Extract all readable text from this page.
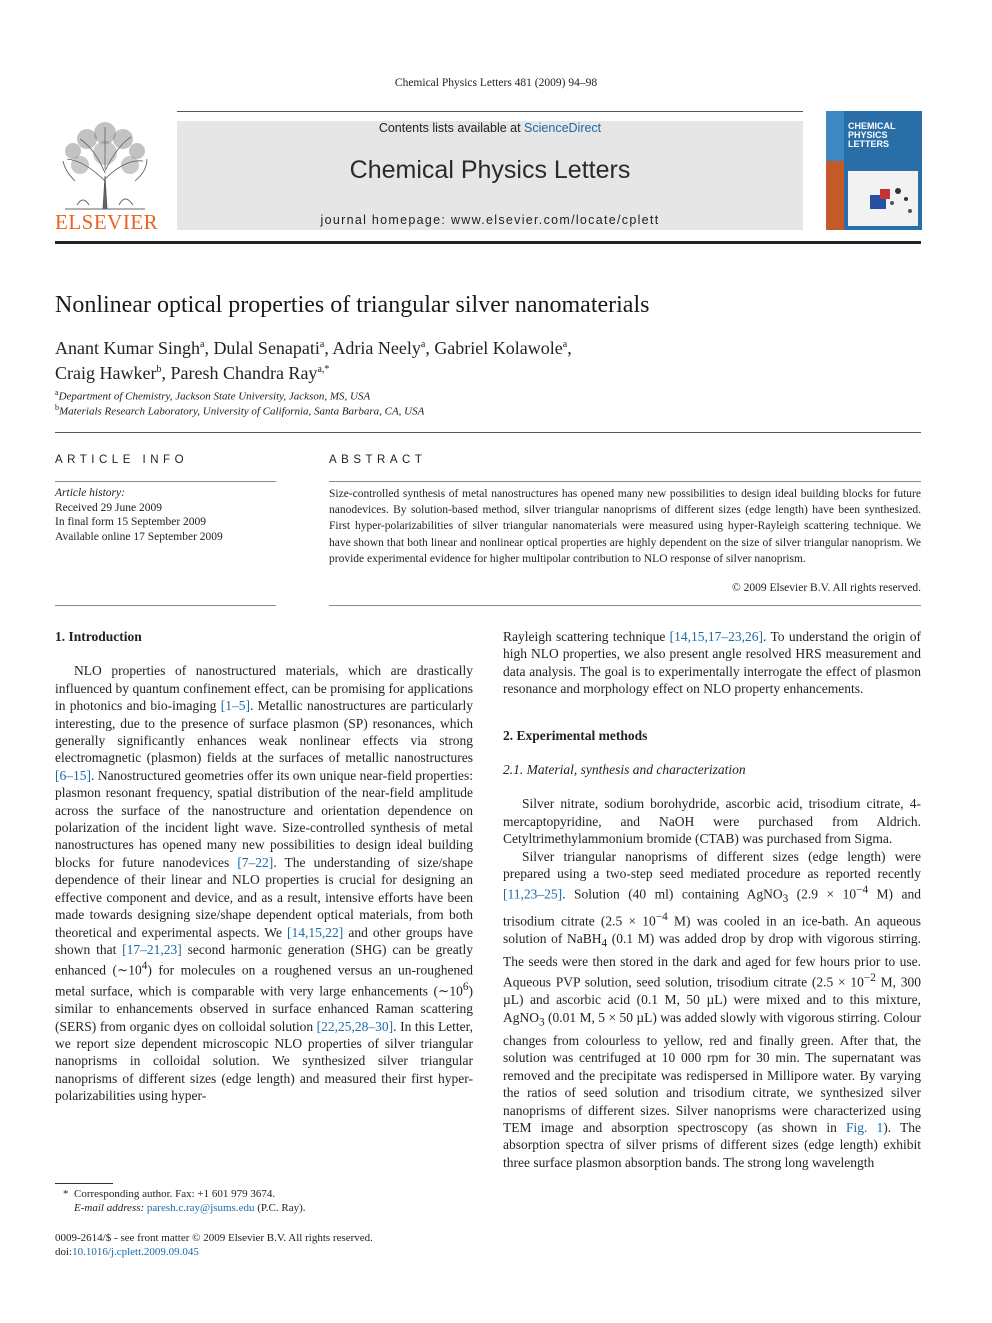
Chemical Physics Letters 481 (2009) 94–98
ELSEVIER
Contents lists available at ScienceDirect
Chemical Physics Letters
journal homepage: www.elsevier.com/locate/cplett
CHEMICAL PHYSICS LETTERS
Nonlinear optical properties of triangular silver nanomaterials
Anant Kumar Singh$^a$, Dulal Senapati$^a$, Adria Neely$^a$, Gabriel Kolawole$^a$,
Craig Hawker$^b$, Paresh Chandra Ray$^{a,*}$
$^a$Department of Chemistry, Jackson State University, Jackson, MS, USA
$^b$Materials Research Laboratory, University of California, Santa Barbara, CA, USA
ARTICLE INFO
Article history:
Received 29 June 2009
In final form 15 September 2009
Available online 17 September 2009
ABSTRACT
Size-controlled synthesis of metal nanostructures has opened many new possibilities to design ideal building blocks for future nanodevices. By solution-based method, silver triangular nanoprisms of different sizes (edge length) have been synthesized. First hyper-polarizabilities of silver triangular nanomaterials were measured using hyper-Rayleigh scattering technique. We have shown that both linear and nonlinear optical properties are highly dependent on the size of silver triangular nanoprism. We provide experimental evidence for higher multipolar contribution to NLO response of silver nanoprism.
© 2009 Elsevier B.V. All rights reserved.

1. Introduction

NLO properties of nanostructured materials, which are drastically influenced by quantum confinement effect, can be promising for applications in photonics and bio-imaging [1–5]. Metallic nanostructures are particularly interesting, due to the presence of surface plasmon (SP) resonances, which generally significantly enhances weak nonlinear effects via strong electromagnetic (plasmon) fields at the surfaces of metallic nanostructures [6–15]. Nanostructured geometries offer its own unique near-field properties: plasmon resonant frequency, spatial distribution of the near-field amplitude across the surface of the nanostructure and orientation dependence on polarization of the incident light wave. Size-controlled synthesis of metal nanostructures has opened many new possibilities to design ideal building blocks for future nanodevices [7–22]. The understanding of size/shape dependence of their linear and NLO properties is crucial for designing an effective component and device, and as a result, intensive efforts have been made towards designing size/shape dependent optical materials, from both theoretical and experimental aspects. We [14,15,22] and other groups have shown that [17–21,23] second harmonic generation (SHG) can be greatly enhanced $(\sim 10^4)$ for molecules on a roughened versus an un-roughened metal surface, which is comparable with very large enhancements $(\sim 10^6)$ similar to enhancements observed in surface enhanced Raman scattering (SERS) from organic dyes on colloidal solution [22,25,28–30]. In this Letter, we report size dependent microscopic NLO properties of silver triangular nanoprisms in colloidal solution. We synthesized silver triangular nanoprisms of different sizes (edge length) and measured their first hyper-polarizabilities using hyper-

Rayleigh scattering technique [14,15,17–23,26]. To understand the origin of high NLO properties, we also present angle resolved HRS measurement and data analysis. The goal is to experimentally interrogate the effect of plasmon resonance and morphology effect on NLO property enhancements.

2. Experimental methods

2.1. Material, synthesis and characterization

Silver nitrate, sodium borohydride, ascorbic acid, trisodium citrate, 4-mercaptopyridine, and NaOH were purchased from Aldrich. Cetyltrimethylammonium bromide (CTAB) was purchased from Sigma.

Silver triangular nanoprisms of different sizes (edge length) were prepared using a two-step seed mediated procedure as reported recently [11,23–25]. Solution (40 ml) containing AgNO$_3$ ($2.9 \times 10^{-4}$ M) and trisodium citrate ($2.5 \times 10^{-4}$ M) was cooled in an ice-bath. An aqueous solution of NaBH$_4$ (0.1 M) was added drop by drop with vigorous stirring. The seeds were then stored in the dark and aged for few hours prior to use. Aqueous PVP solution, seed solution, trisodium citrate ($2.5 \times 10^{-2}$ M, 300 µL) and ascorbic acid (0.1 M, 50 µL) were mixed and to this mixture, AgNO$_3$ (0.01 M, 5 × 50 µL) was added slowly with vigorous stirring. Colour changes from colourless to yellow, red and finally green. After that, the solution was centrifuged at 10 000 rpm for 30 min. The supernatant was removed and the precipitate was redispersed in Millipore water. By varying the ratios of seed solution and trisodium citrate, we synthesized silver nanoprisms of different sizes. Silver nanoprisms were characterized using TEM image and absorption spectroscopy (as shown in Fig. 1). The absorption spectra of silver prisms of different sizes (edge length) exhibit three surface plasmon absorption bands. The strong long wavelength

* Corresponding author. Fax: +1 601 979 3674.
E-mail address: paresh.c.ray@jsums.edu (P.C. Ray).
0009-2614/$ - see front matter © 2009 Elsevier B.V. All rights reserved.
doi:10.1016/j.cplett.2009.09.045
